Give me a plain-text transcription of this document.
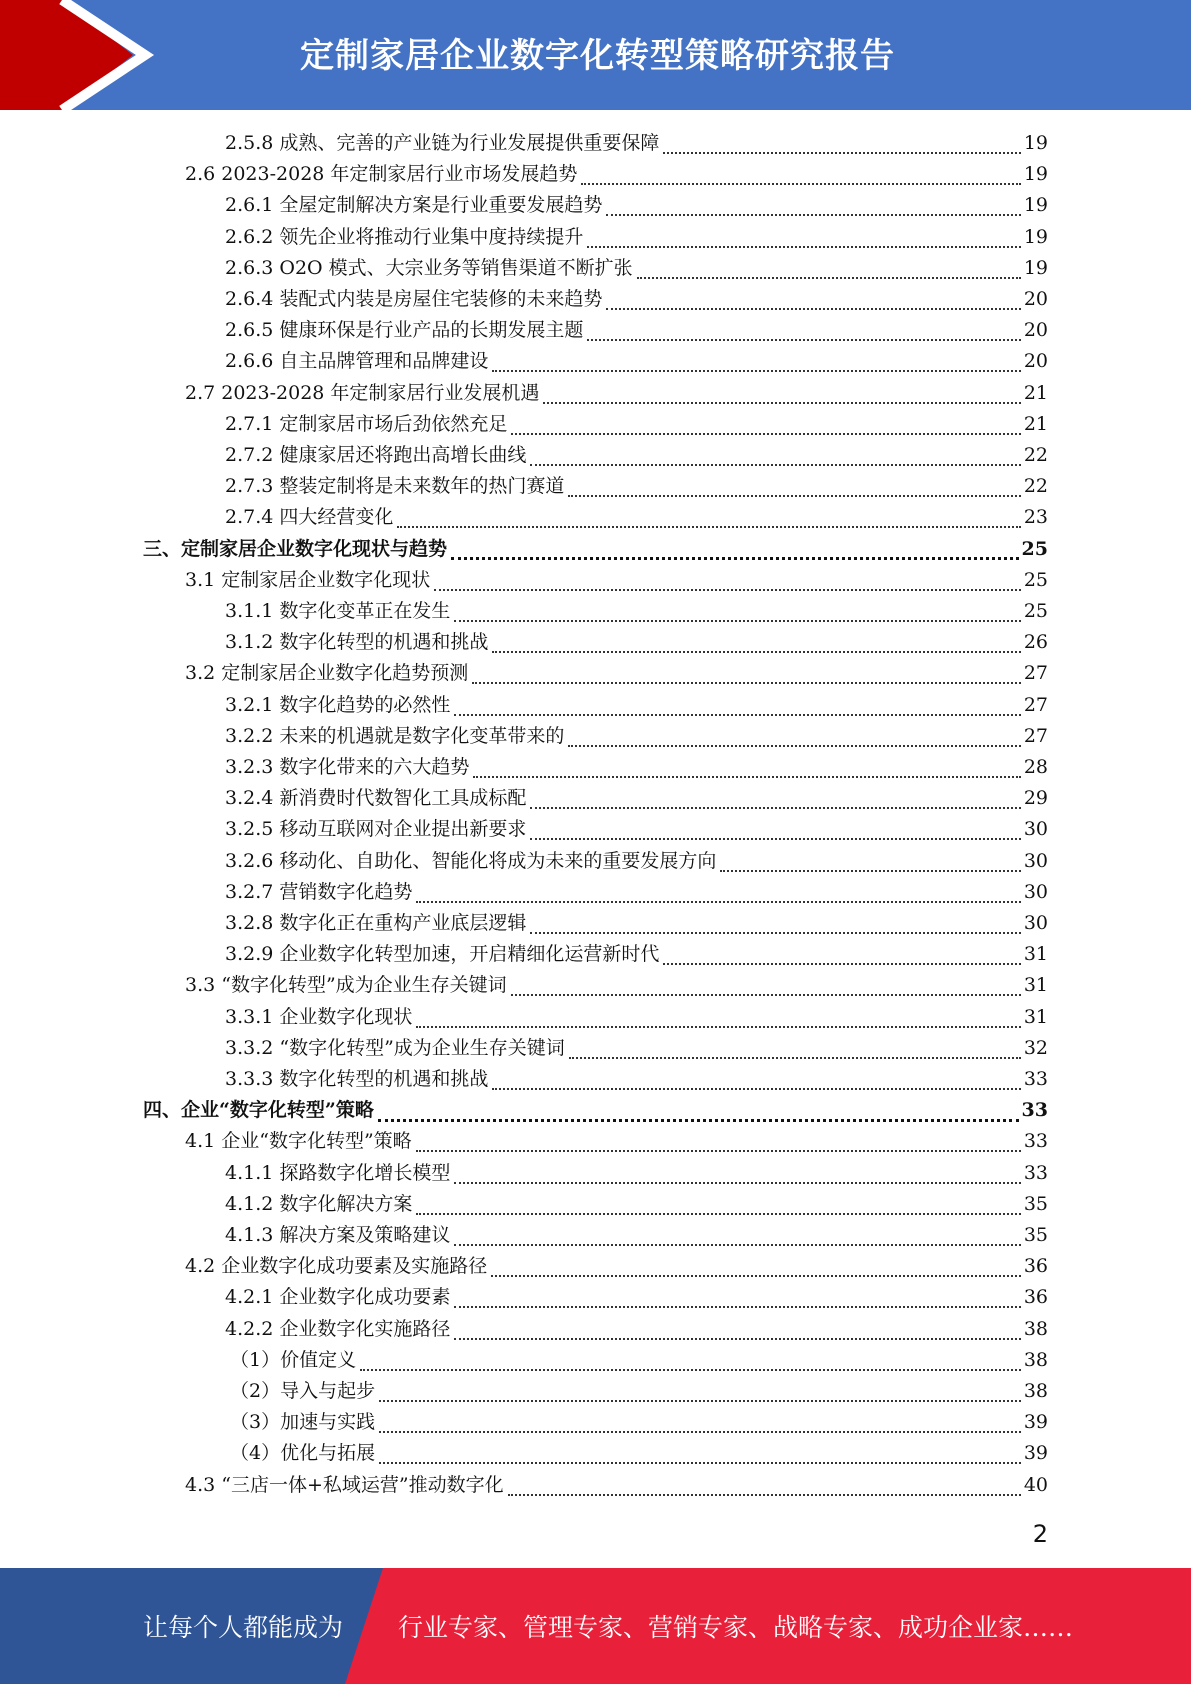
定制家居企业数字化转型策略研究报告
2.5.8 成熟、完善的产业链为行业发展提供重要保障	19
2.6 2023-2028 年定制家居行业市场发展趋势	19
2.6.1 全屋定制解决方案是行业重要发展趋势	19
2.6.2 领先企业将推动行业集中度持续提升	19
2.6.3 O2O 模式、大宗业务等销售渠道不断扩张	19
2.6.4 装配式内装是房屋住宅装修的未来趋势	20
2.6.5 健康环保是行业产品的长期发展主题	20
2.6.6 自主品牌管理和品牌建设	20
2.7 2023-2028 年定制家居行业发展机遇	21
2.7.1 定制家居市场后劲依然充足	21
2.7.2 健康家居还将跑出高增长曲线	22
2.7.3 整装定制将是未来数年的热门赛道	22
2.7.4 四大经营变化	23
三、定制家居企业数字化现状与趋势	25
3.1 定制家居企业数字化现状	25
3.1.1 数字化变革正在发生	25
3.1.2 数字化转型的机遇和挑战	26
3.2 定制家居企业数字化趋势预测	27
3.2.1 数字化趋势的必然性	27
3.2.2 未来的机遇就是数字化变革带来的	27
3.2.3 数字化带来的六大趋势	28
3.2.4 新消费时代数智化工具成标配	29
3.2.5 移动互联网对企业提出新要求	30
3.2.6 移动化、自助化、智能化将成为未来的重要发展方向	30
3.2.7 营销数字化趋势	30
3.2.8 数字化正在重构产业底层逻辑	30
3.2.9 企业数字化转型加速，开启精细化运营新时代	31
3.3 “数字化转型”成为企业生存关键词	31
3.3.1 企业数字化现状	31
3.3.2 “数字化转型”成为企业生存关键词	32
3.3.3 数字化转型的机遇和挑战	33
四、企业“数字化转型”策略	33
4.1 企业“数字化转型”策略	33
4.1.1 探路数字化增长模型	33
4.1.2 数字化解决方案	35
4.1.3 解决方案及策略建议	35
4.2 企业数字化成功要素及实施路径	36
4.2.1 企业数字化成功要素	36
4.2.2 企业数字化实施路径	38
（1）价值定义	38
（2）导入与起步	38
（3）加速与实践	39
（4）优化与拓展	39
4.3 “三店一体+私域运营”推动数字化	40
2
让每个人都能成为 行业专家、管理专家、营销专家、战略专家、成功企业家……
